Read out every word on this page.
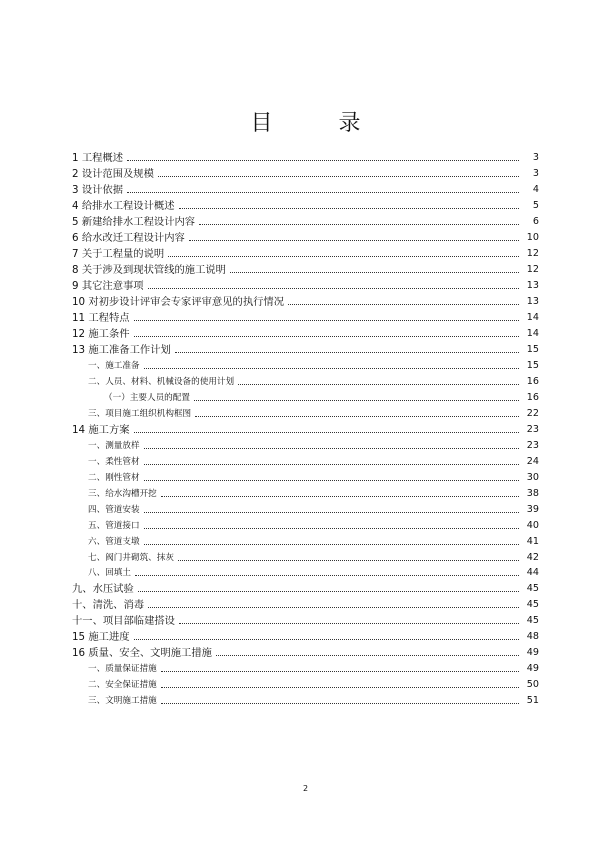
目　录
1 工程概述	3
2 设计范围及规模	3
3 设计依据	4
4 给排水工程设计概述	5
5 新建给排水工程设计内容	6
6 给水改迁工程设计内容	10
7 关于工程量的说明	12
8 关于涉及到现状管线的施工说明	12
9 其它注意事项	13
10 对初步设计评审会专家评审意见的执行情况	13
11 工程特点	14
12 施工条件	14
13 施工准备工作计划	15
一、施工准备	15
二、人员、材料、机械设备的使用计划	16
（一）主要人员的配置	16
三、项目施工组织机构框图	22
14 施工方案	23
一、测量放样	23
一、柔性管材	24
二、刚性管材	30
三、给水沟槽开挖	38
四、管道安装	39
五、管道接口	40
六、管道支墩	41
七、阀门井砌筑、抹灰	42
八、回填土	44
九、水压试验	45
十、清洗、消毒	45
十一、项目部临建搭设	45
15 施工进度	48
16 质量、安全、文明施工措施	49
一、质量保证措施	49
二、安全保证措施	50
三、文明施工措施	51
2
